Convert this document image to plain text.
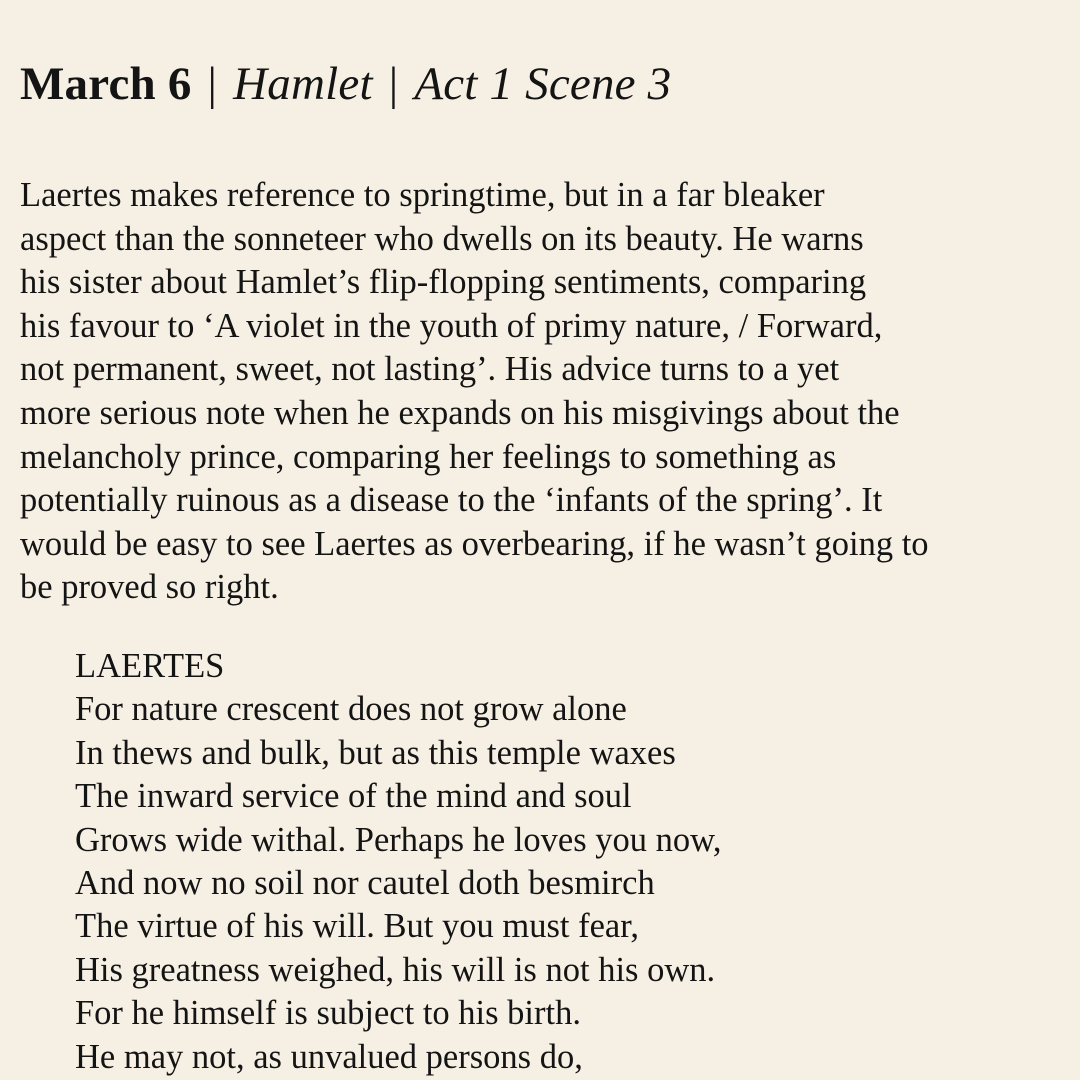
March 6 | Hamlet | Act 1 Scene 3

Laertes makes reference to springtime, but in a far bleaker
aspect than the sonneteer who dwells on its beauty. He warns
his sister about Hamlet’s flip-flopping sentiments, comparing
his favour to ‘A violet in the youth of primy nature, / Forward,
not permanent, sweet, not lasting’. His advice turns to a yet
more serious note when he expands on his misgivings about the
melancholy prince, comparing her feelings to something as
potentially ruinous as a disease to the ‘infants of the spring’. It
would be easy to see Laertes as overbearing, if he wasn’t going to
be proved so right.

LAERTES
For nature crescent does not grow alone
In thews and bulk, but as this temple waxes
The inward service of the mind and soul
Grows wide withal. Perhaps he loves you now,
And now no soil nor cautel doth besmirch
The virtue of his will. But you must fear,
His greatness weighed, his will is not his own.
For he himself is subject to his birth.
He may not, as unvalued persons do,
